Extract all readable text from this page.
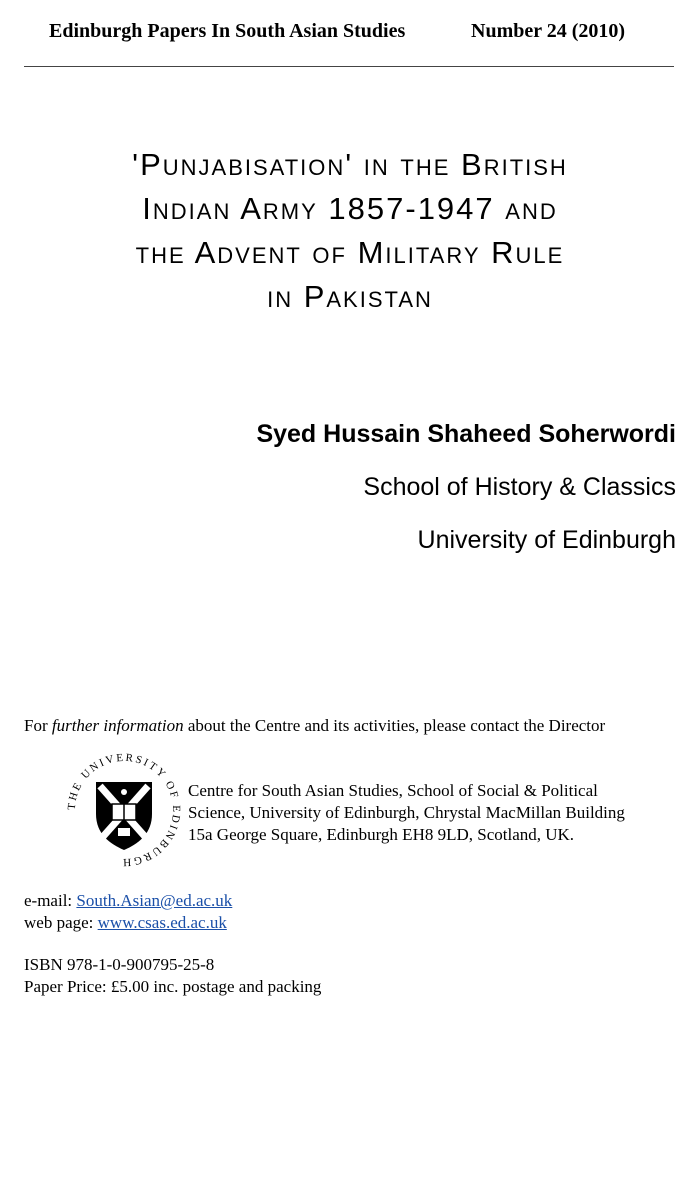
Edinburgh Papers In South Asian Studies	Number 24 (2010)
'Punjabisation' in the British
Indian Army 1857-1947 and
the Advent of Military Rule
in Pakistan
Syed Hussain Shaheed Soherwordi
School of History & Classics
University of Edinburgh
For further information about the Centre and its activities, please contact the Director
THE UNIVERSITY OF EDINBURGH
Centre for South Asian Studies, School of Social & Political
Science, University of Edinburgh, Chrystal MacMillan Building
15a George Square, Edinburgh EH8 9LD, Scotland, UK.
e-mail: South.Asian@ed.ac.uk
web page: www.csas.ed.ac.uk
ISBN 978-1-0-900795-25-8
Paper Price: £5.00 inc. postage and packing
